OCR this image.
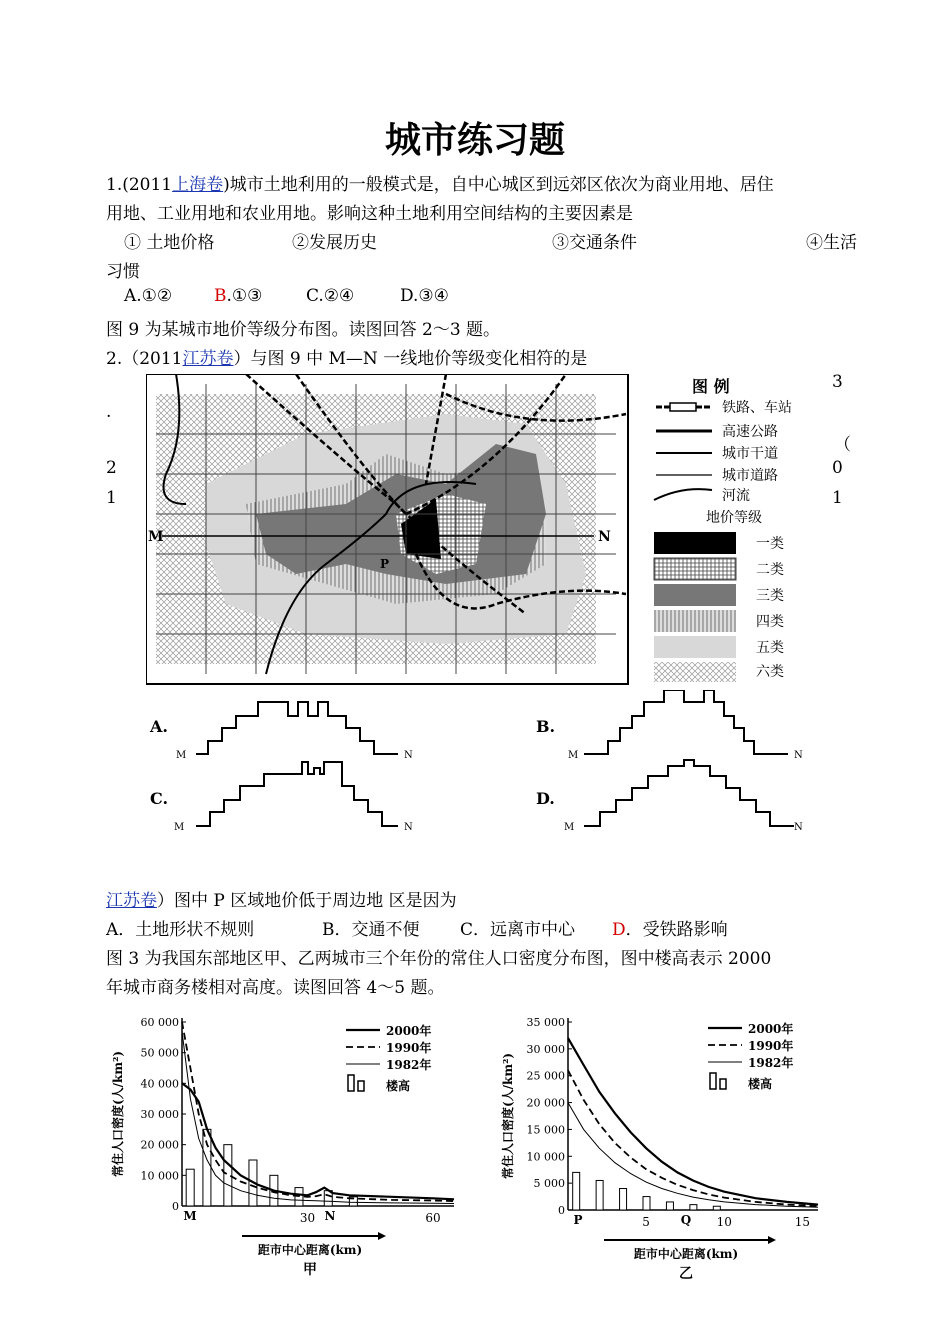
城市练习题
1.(2011上海卷)城市土地利用的一般模式是，自中心城区到远郊区依次为商业用地、居住
用地、工业用地和农业用地。影响这种土地利用空间结构的主要因素是
① 土地价格	②发展历史	③交通条件	④生活
习惯
A.①② B.①③	C.②④	D.③④
图 9 为某城市地价等级分布图。读图回答 2～3 题。
2.（2011江苏卷）与图 9 中 M—N 一线地价等级变化相符的是
.
2
1
3
（
0
1
M	N
P
图 例
铁路、车站
高速公路
城市干道
城市道路
河流
地价等级
一类
二类
三类
四类
五类
六类
A.	B.
C.	D.
M	N	M	N
M	N	M	N
江苏卷）图中 P 区域地价低于周边地 区是因为
A．土地形状不规则	B．交通不便 C．远离市中心 D．受铁路影响
图 3 为我国东部地区甲、乙两城市三个年份的常住人口密度分布图，图中楼高表示 2000
年城市商务楼相对高度。读图回答 4～5 题。
60 000
50 000
40 000
30 000
20 000
10 000
0
30	60
2000年
1990年
1982年
楼高
M	N
常住人口密度(人/km²)
距市中心距离(km)
甲
35 000
30 000
25 000
20 000
15 000
10 000
5 000
0
5	10	15
2000年
1990年
1982年
楼高
P	Q
常住人口密度(人/km²)
距市中心距离(km)
乙
